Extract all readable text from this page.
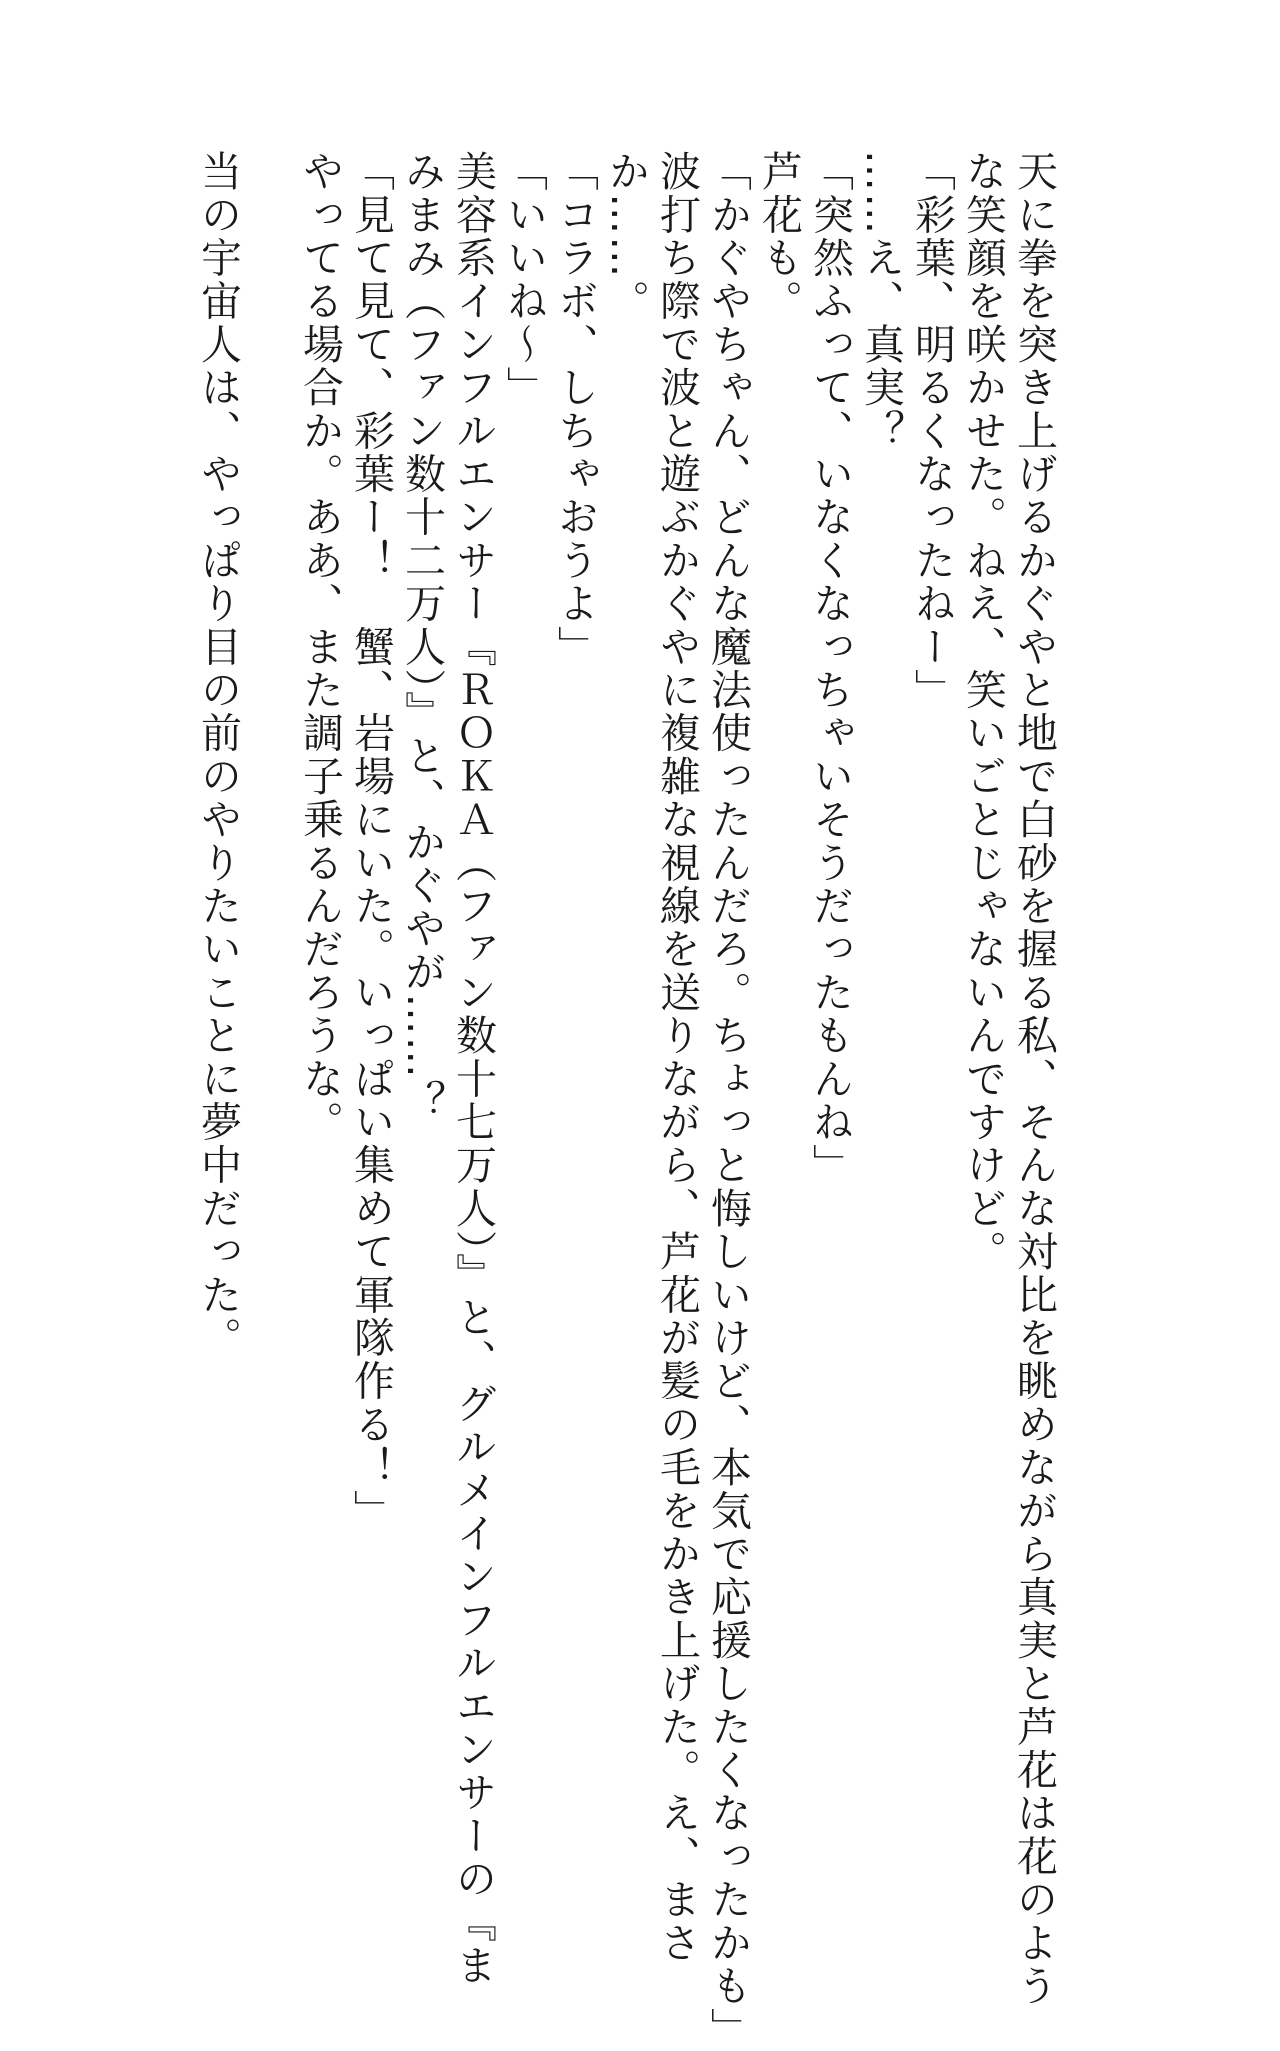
天に拳を突き上げるかぐやと地で白砂を握る私、そんな対比を眺めながら真実と芦花は花のよう
な笑顔を咲かせた。ねえ、笑いごとじゃないんですけど。
「彩葉、明るくなったねー」
……え、真実？
「突然ふって、いなくなっちゃいそうだったもんね」
芦花も。
「かぐやちゃん、どんな魔法使ったんだろ。ちょっと悔しいけど、本気で応援したくなったかも」
波打ち際で波と遊ぶかぐやに複雑な視線を送りながら、芦花が髪の毛をかき上げた。え、まさ
か……。
「コラボ、しちゃおうよ」
「いいね～」
美容系インフルエンサー『ＲＯＫＡ（ファン数十七万人）』と、グルメインフルエンサーの『ま
みまみ（ファン数十二万人）』と、かぐやが……？
「見て見て、彩葉ー！　蟹、岩場にいた。いっぱい集めて軍隊作る！」
やってる場合か。ああ、また調子乗るんだろうな。
当の宇宙人は、やっぱり目の前のやりたいことに夢中だった。
